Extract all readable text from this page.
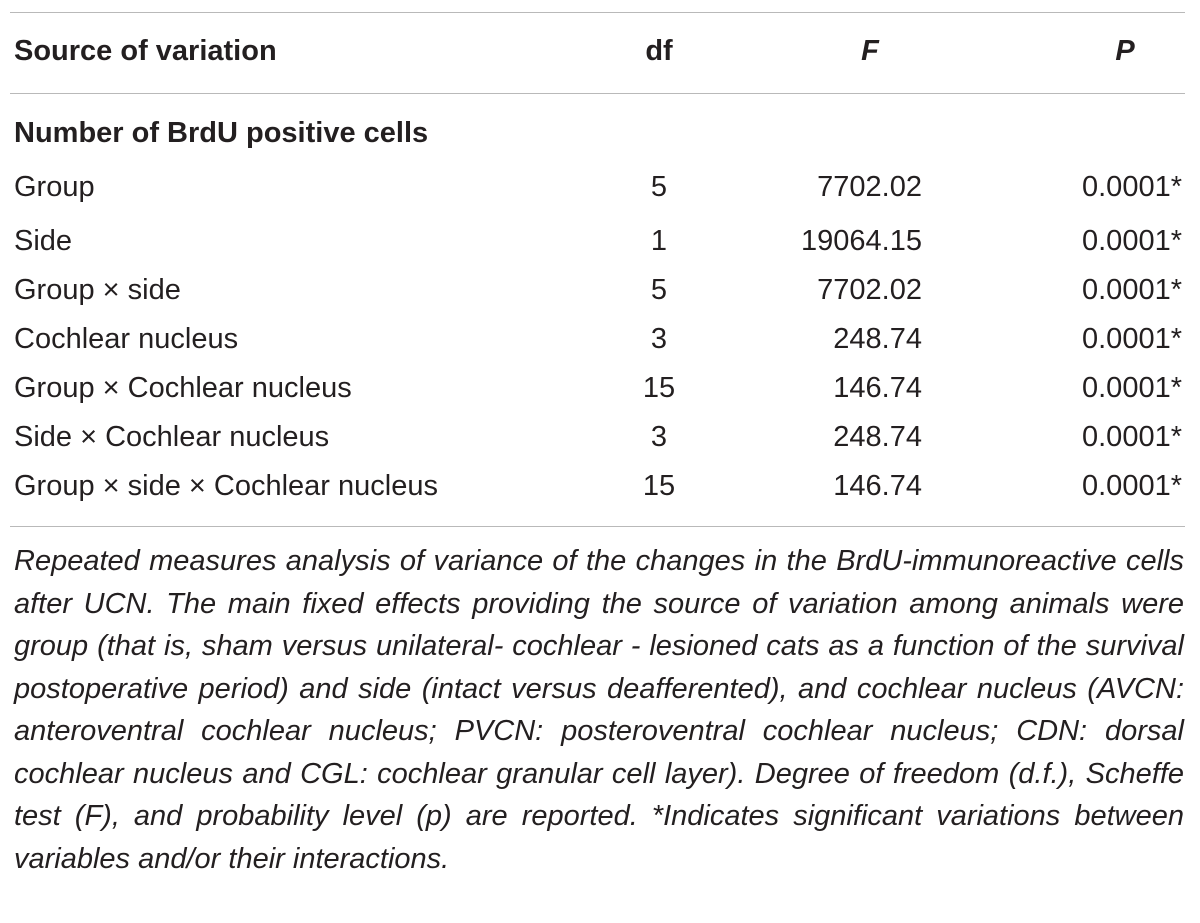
Source of variation	df	F	P
Number of BrdU positive cells
Group	5	7702.02	0.0001*
Side	1	19064.15	0.0001*
Group × side	5	7702.02	0.0001*
Cochlear nucleus	3	248.74	0.0001*
Group × Cochlear nucleus	15	146.74	0.0001*
Side × Cochlear nucleus	3	248.74	0.0001*
Group × side × Cochlear nucleus	15	146.74	0.0001*
Repeated measures analysis of variance of the changes in the BrdU-immunoreactive cells after UCN. The main fixed effects providing the source of variation among animals were group (that is, sham versus unilateral- cochlear - lesioned cats as a function of the survival postoperative period) and side (intact versus deafferented), and cochlear nucleus (AVCN: anteroventral cochlear nucleus; PVCN: posteroventral cochlear nucleus; CDN: dorsal cochlear nucleus and CGL: cochlear granular cell layer). Degree of freedom (d.f.), Scheffe test (F), and probability level (p) are reported. *Indicates significant variations between variables and/or their interactions.
